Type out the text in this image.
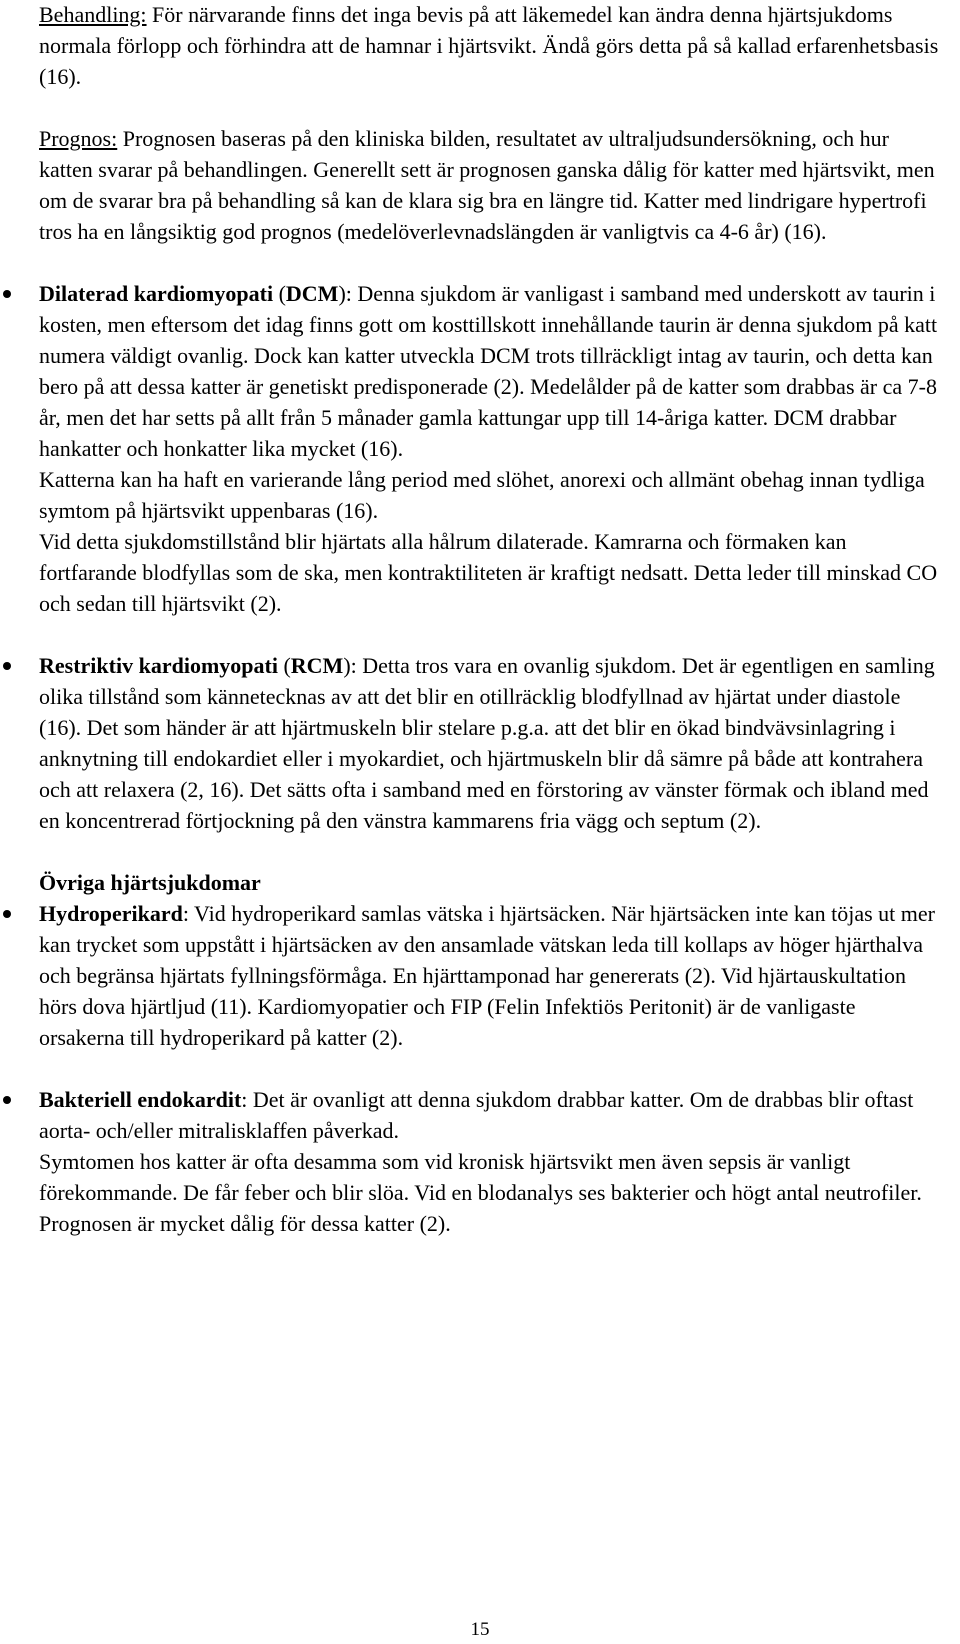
Behandling: För närvarande finns det inga bevis på att läkemedel kan ändra denna hjärtsjukdoms normala förlopp och förhindra att de hamnar i hjärtsvikt. Ändå görs detta på så kallad erfarenhetsbasis (16).

Prognos: Prognosen baseras på den kliniska bilden, resultatet av ultraljudsundersökning, och hur katten svarar på behandlingen. Generellt sett är prognosen ganska dålig för katter med hjärtsvikt, men om de svarar bra på behandling så kan de klara sig bra en längre tid. Katter med lindrigare hypertrofi tros ha en långsiktig god prognos (medelöverlevnadslängden är vanligtvis ca 4-6 år) (16).

Dilaterad kardiomyopati (DCM): Denna sjukdom är vanligast i samband med underskott av taurin i kosten, men eftersom det idag finns gott om kosttillskott innehållande taurin är denna sjukdom på katt numera väldigt ovanlig. Dock kan katter utveckla DCM trots tillräckligt intag av taurin, och detta kan bero på att dessa katter är genetiskt predisponerade (2). Medelålder på de katter som drabbas är ca 7-8 år, men det har setts på allt från 5 månader gamla kattungar upp till 14-åriga katter. DCM drabbar hankatter och honkatter lika mycket (16).

Katterna kan ha haft en varierande lång period med slöhet, anorexi och allmänt obehag innan tydliga symtom på hjärtsvikt uppenbaras (16).

Vid detta sjukdomstillstånd blir hjärtats alla hålrum dilaterade. Kamrarna och förmaken kan fortfarande blodfyllas som de ska, men kontraktiliteten är kraftigt nedsatt. Detta leder till minskad CO och sedan till hjärtsvikt (2).

Restriktiv kardiomyopati (RCM): Detta tros vara en ovanlig sjukdom. Det är egentligen en samling olika tillstånd som kännetecknas av att det blir en otillräcklig blodfyllnad av hjärtat under diastole (16). Det som händer är att hjärtmuskeln blir stelare p.g.a. att det blir en ökad bindvävsinlagring i anknytning till endokardiet eller i myokardiet, och hjärtmuskeln blir då sämre på både att kontrahera och att relaxera (2, 16). Det sätts ofta i samband med en förstoring av vänster förmak och ibland med en koncentrerad förtjockning på den vänstra kammarens fria vägg och septum (2).

Övriga hjärtsjukdomar

Hydroperikard: Vid hydroperikard samlas vätska i hjärtsäcken. När hjärtsäcken inte kan töjas ut mer kan trycket som uppstått i hjärtsäcken av den ansamlade vätskan leda till kollaps av höger hjärthalva och begränsa hjärtats fyllningsförmåga. En hjärttamponad har genererats (2). Vid hjärtauskultation hörs dova hjärtljud (11). Kardiomyopatier och FIP (Felin Infektiös Peritonit) är de vanligaste orsakerna till hydroperikard på katter (2).

Bakteriell endokardit: Det är ovanligt att denna sjukdom drabbar katter. Om de drabbas blir oftast aorta- och/eller mitralisklaffen påverkad.

Symtomen hos katter är ofta desamma som vid kronisk hjärtsvikt men även sepsis är vanligt förekommande. De får feber och blir slöa. Vid en blodanalys ses bakterier och högt antal neutrofiler. Prognosen är mycket dålig för dessa katter (2).

15
